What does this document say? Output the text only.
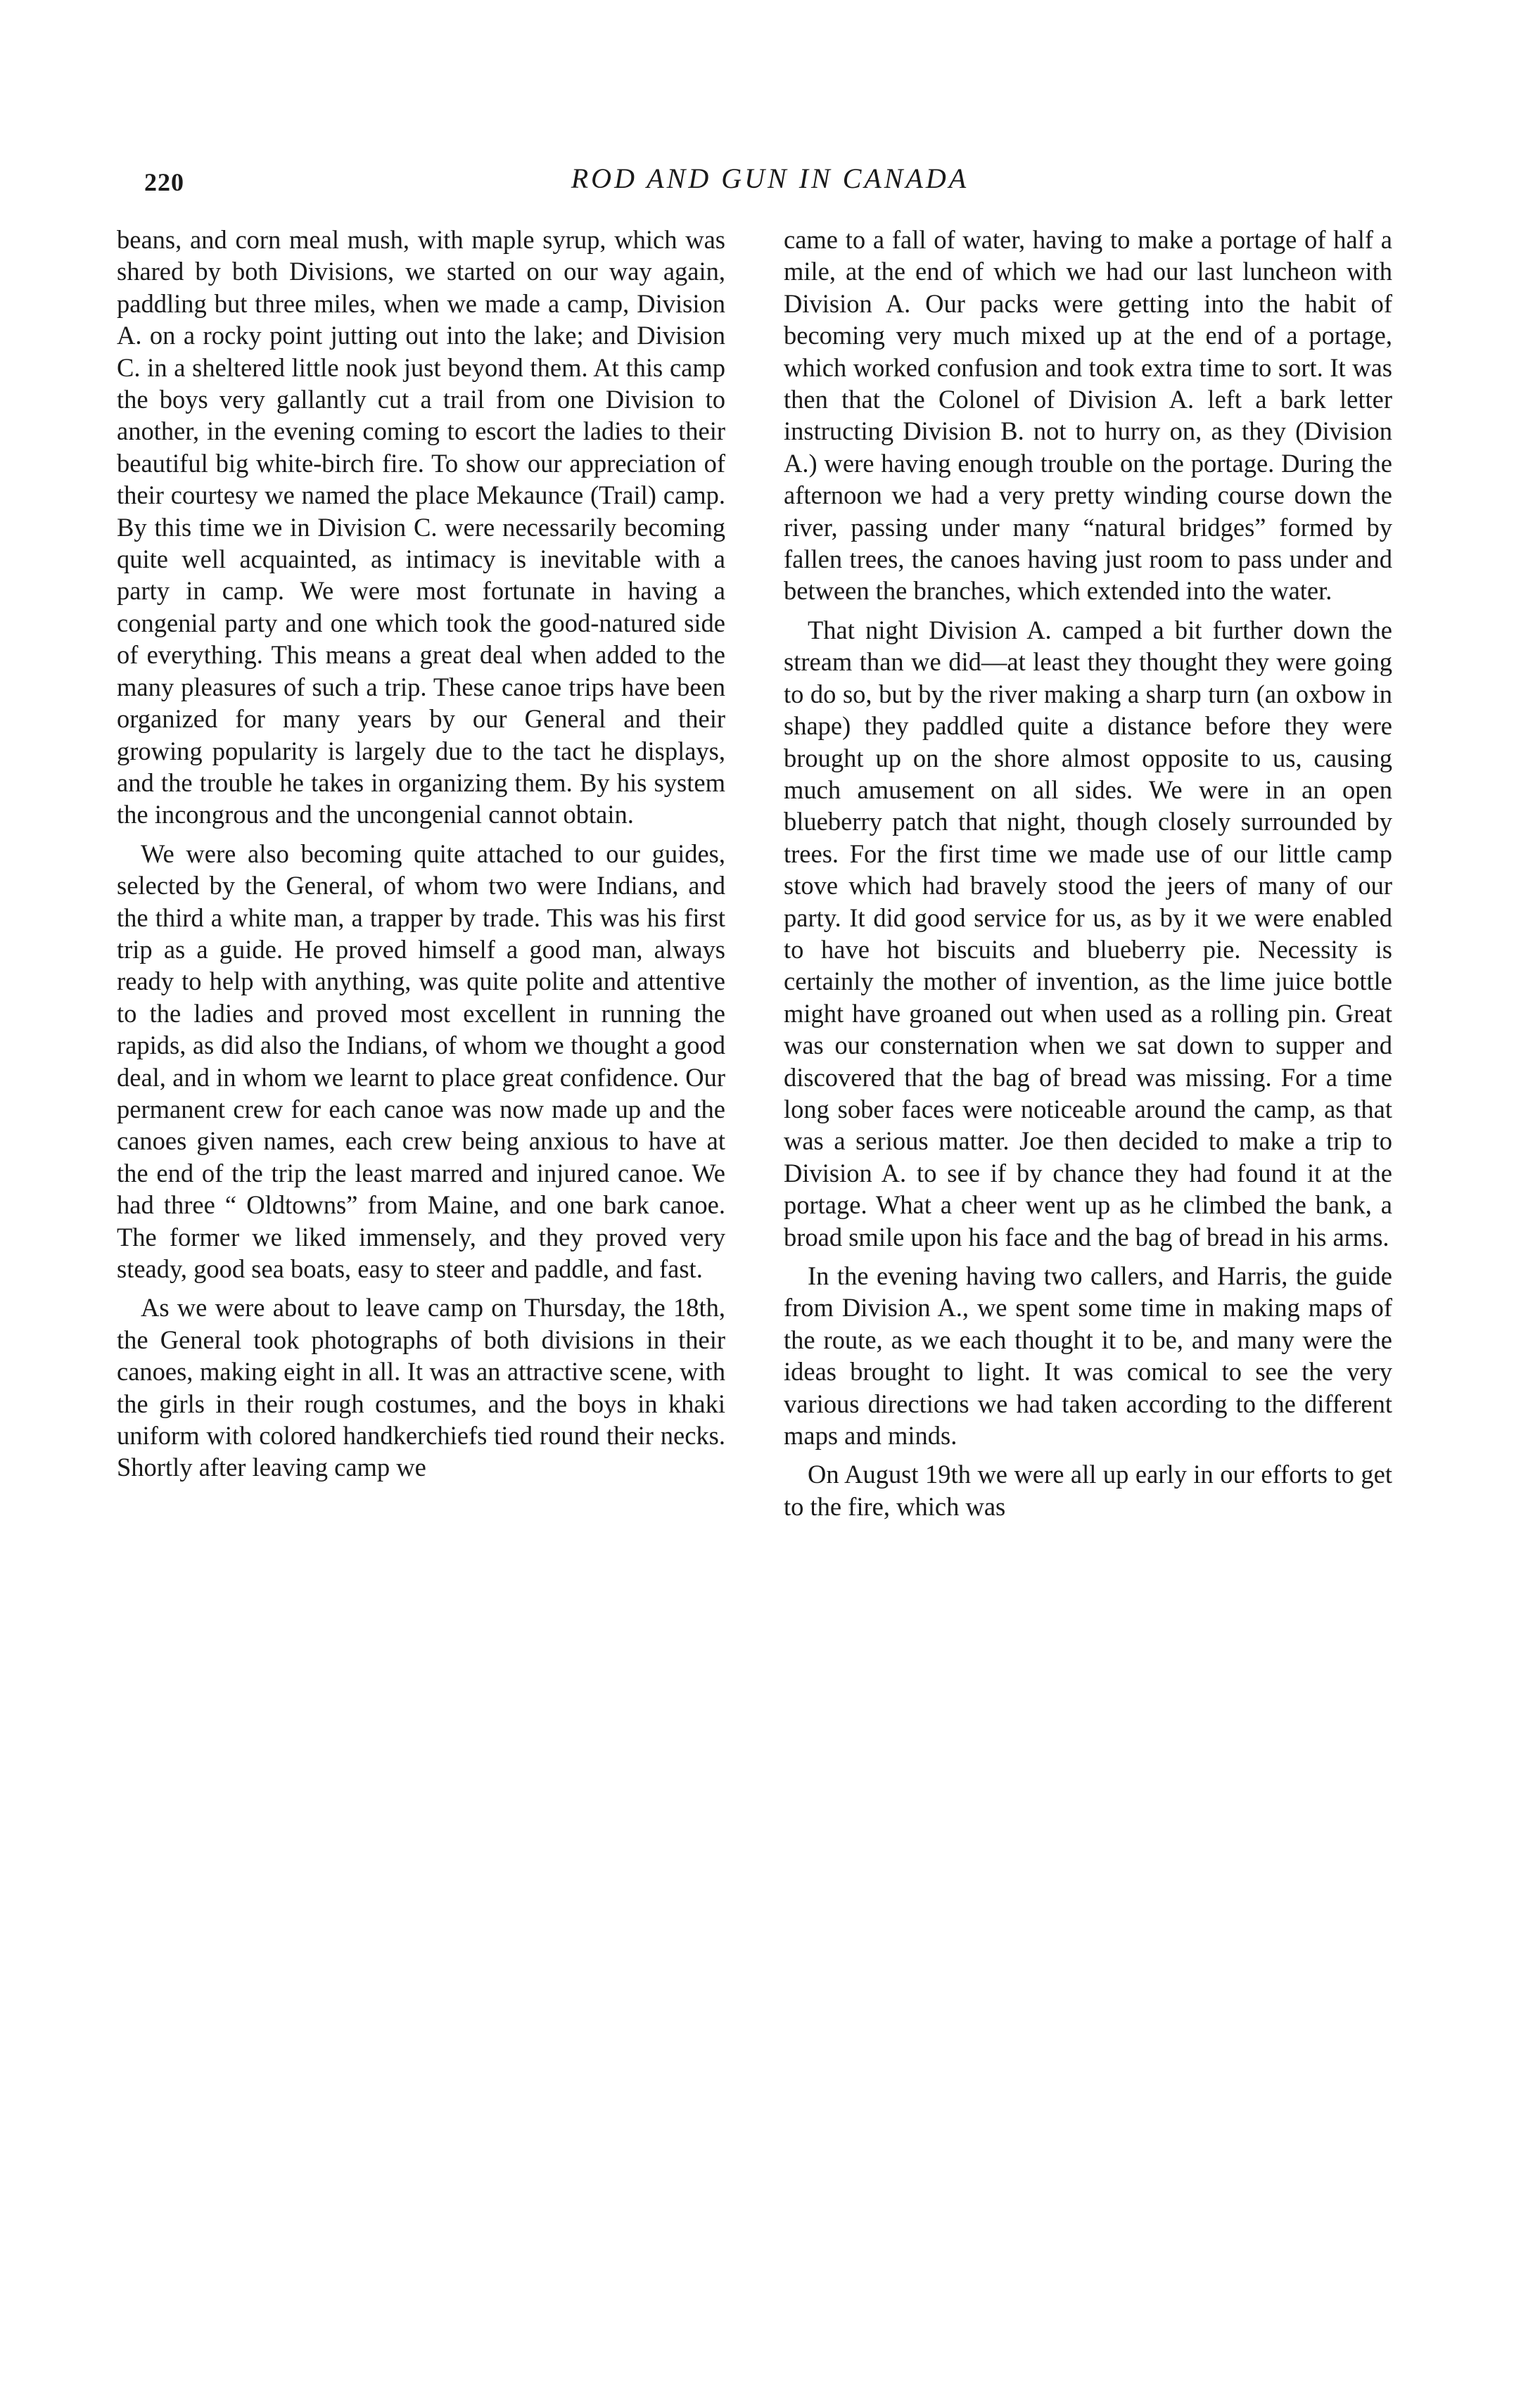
220	ROD AND GUN IN CANADA

beans, and corn meal mush, with maple syrup, which was shared by both Divisions, we started on our way again, paddling but three miles, when we made a camp, Division A. on a rocky point jutting out into the lake; and Division C. in a sheltered little nook just beyond them. At this camp the boys very gallantly cut a trail from one Division to another, in the evening coming to escort the ladies to their beautiful big white-birch fire. To show our appreciation of their courtesy we named the place Mekaunce (Trail) camp. By this time we in Division C. were necessarily becoming quite well acquainted, as intimacy is inevitable with a party in camp. We were most fortunate in having a congenial party and one which took the good-natured side of everything. This means a great deal when added to the many pleasures of such a trip. These canoe trips have been organized for many years by our General and their growing popularity is largely due to the tact he displays, and the trouble he takes in organizing them. By his system the incongrous and the uncongenial cannot obtain.

We were also becoming quite attached to our guides, selected by the General, of whom two were Indians, and the third a white man, a trapper by trade. This was his first trip as a guide. He proved himself a good man, always ready to help with anything, was quite polite and attentive to the ladies and proved most excellent in running the rapids, as did also the Indians, of whom we thought a good deal, and in whom we learnt to place great confidence. Our permanent crew for each canoe was now made up and the canoes given names, each crew being anxious to have at the end of the trip the least marred and injured canoe. We had three “ Oldtowns” from Maine, and one bark canoe. The former we liked immensely, and they proved very steady, good sea boats, easy to steer and paddle, and fast.

As we were about to leave camp on Thursday, the 18th, the General took photographs of both divisions in their canoes, making eight in all. It was an attractive scene, with the girls in their rough costumes, and the boys in khaki uniform with colored handkerchiefs tied round their necks. Shortly after leaving camp we

came to a fall of water, having to make a portage of half a mile, at the end of which we had our last luncheon with Division A. Our packs were getting into the habit of becoming very much mixed up at the end of a portage, which worked confusion and took extra time to sort. It was then that the Colonel of Division A. left a bark letter instructing Division B. not to hurry on, as they (Division A.) were having enough trouble on the portage. During the afternoon we had a very pretty winding course down the river, passing under many “natural bridges” formed by fallen trees, the canoes having just room to pass under and between the branches, which extended into the water.

That night Division A. camped a bit further down the stream than we did—at least they thought they were going to do so, but by the river making a sharp turn (an oxbow in shape) they paddled quite a distance before they were brought up on the shore almost opposite to us, causing much amusement on all sides. We were in an open blueberry patch that night, though closely surrounded by trees. For the first time we made use of our little camp stove which had bravely stood the jeers of many of our party. It did good service for us, as by it we were enabled to have hot biscuits and blueberry pie. Necessity is certainly the mother of invention, as the lime juice bottle might have groaned out when used as a rolling pin. Great was our consternation when we sat down to supper and discovered that the bag of bread was missing. For a time long sober faces were noticeable around the camp, as that was a serious matter. Joe then decided to make a trip to Division A. to see if by chance they had found it at the portage. What a cheer went up as he climbed the bank, a broad smile upon his face and the bag of bread in his arms.

In the evening having two callers, and Harris, the guide from Division A., we spent some time in making maps of the route, as we each thought it to be, and many were the ideas brought to light. It was comical to see the very various directions we had taken according to the different maps and minds.

On August 19th we were all up early in our efforts to get to the fire, which was
